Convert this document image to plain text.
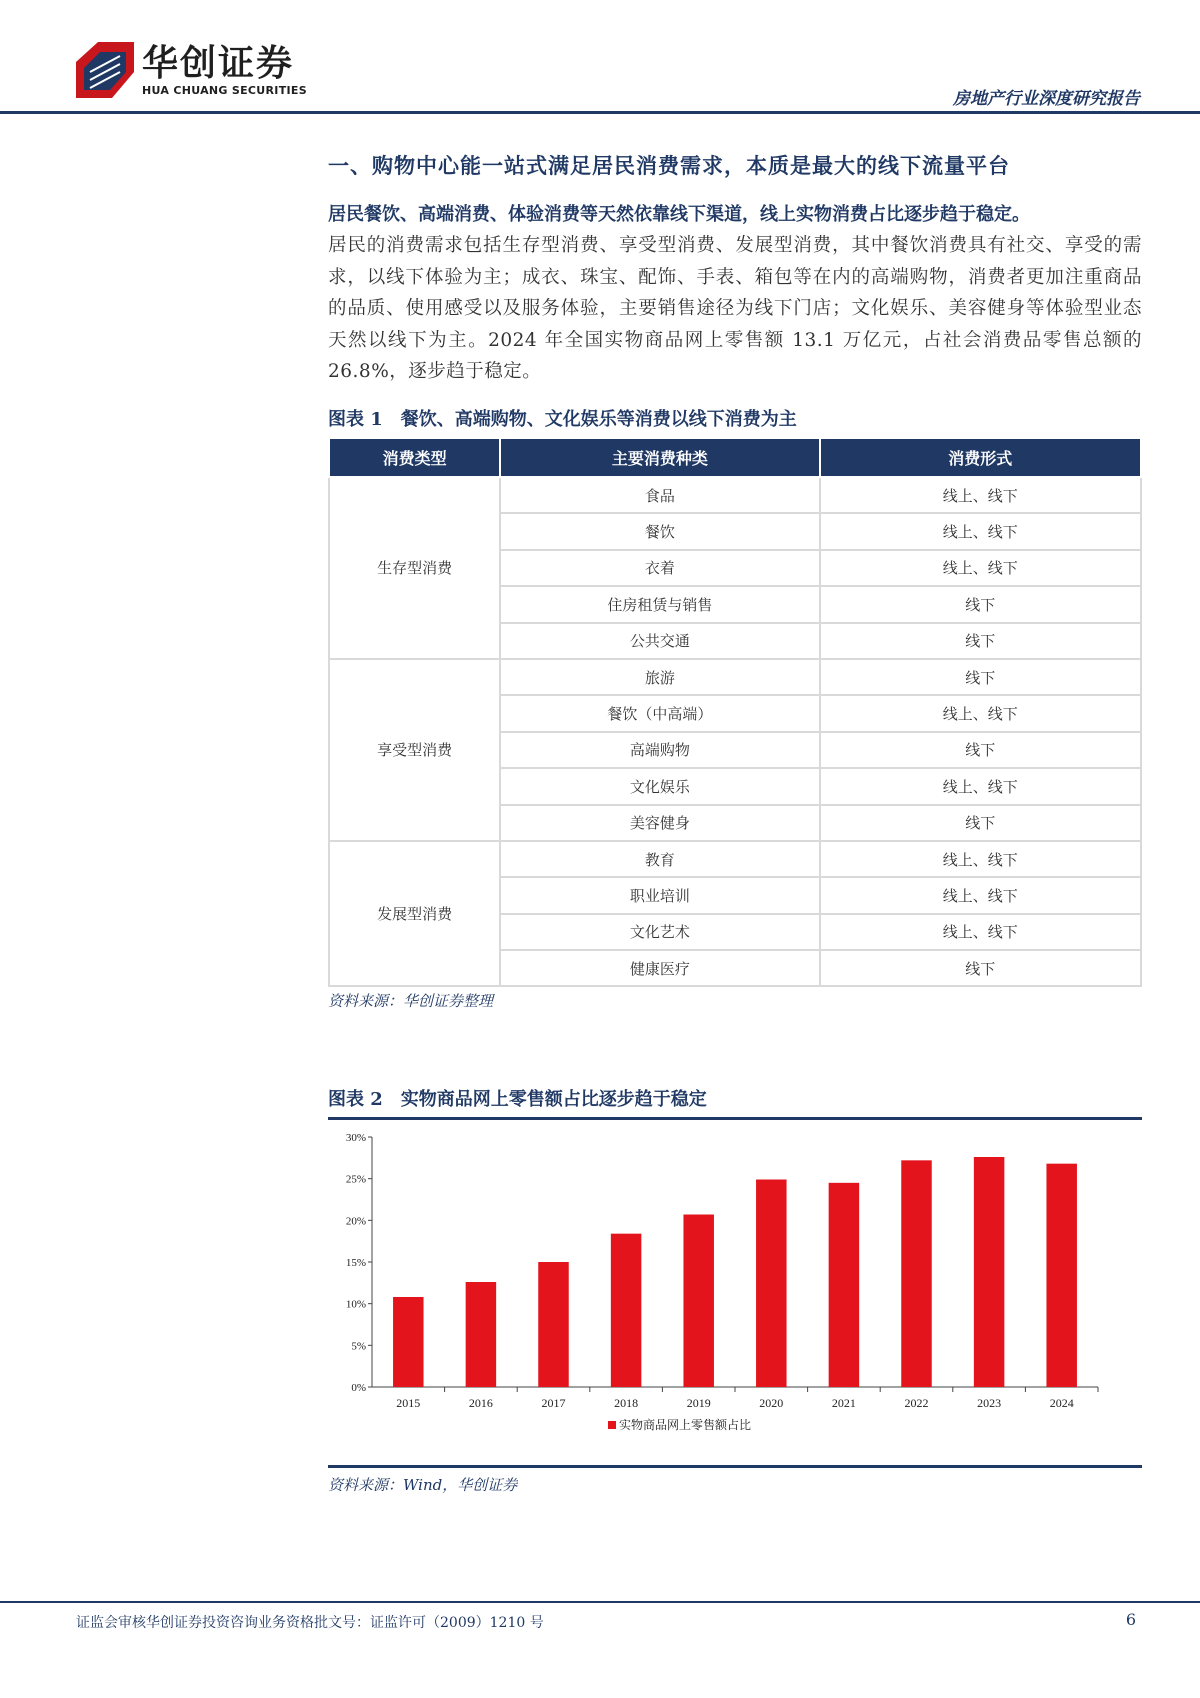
华创证券
HUA CHUANG SECURITIES	房地产行业深度研究报告
一、购物中心能一站式满足居民消费需求，本质是最大的线下流量平台
居民餐饮、高端消费、体验消费等天然依靠线下渠道，线上实物消费占比逐步趋于稳定。
居民的消费需求包括生存型消费、享受型消费、发展型消费，其中餐饮消费具有社交、享受的需求，以线下体验为主；成衣、珠宝、配饰、手表、箱包等在内的高端购物，消费者更加注重商品的品质、使用感受以及服务体验，主要销售途径为线下门店；文化娱乐、美容健身等体验型业态天然以线下为主。2024 年全国实物商品网上零售额 13.1 万亿元，占社会消费品零售总额的 26.8%，逐步趋于稳定。
图表 1 餐饮、高端购物、文化娱乐等消费以线下消费为主
消费类型	主要消费种类	消费形式
生存型消费	食品	线上、线下
	餐饮	线上、线下
	衣着	线上、线下
	住房租赁与销售	线下
	公共交通	线下
享受型消费	旅游	线下
	餐饮（中高端）	线上、线下
	高端购物	线下
	文化娱乐	线上、线下
	美容健身	线下
发展型消费	教育	线上、线下
	职业培训	线上、线下
	文化艺术	线上、线下
	健康医疗	线下
资料来源：华创证券整理
图表 2 实物商品网上零售额占比逐步趋于稳定
0%
5%
10%
15%
20%
25%
30%
2015	2016	2017	2018	2019	2020	2021	2022	2023	2024
实物商品网上零售额占比
资料来源：Wind，华创证券
证监会审核华创证券投资咨询业务资格批文号：证监许可（2009）1210 号	6
